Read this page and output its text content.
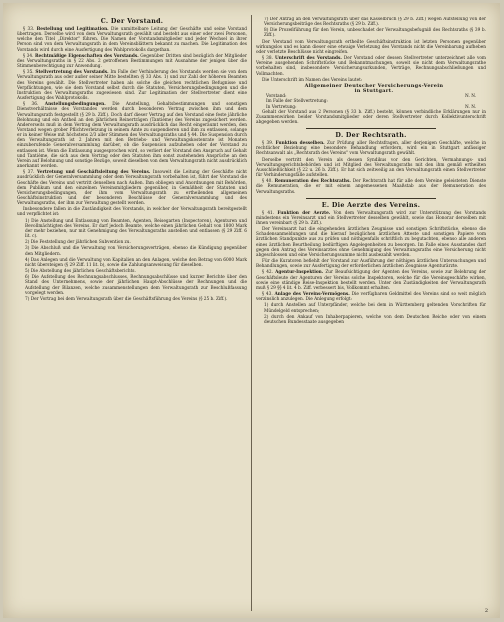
C. Der Vorstand.

§ 33. Bestellung und Legitimation. Die unmittelbare Leitung der Geschäfte und seine Vorstand übertragen. Derselbe wird von dem Verwaltungsrath gewählt und besteht aus einer oder zwei Personen, welche den Titel „Direktor" führen. Die Namen der Vorstandsmitglieder und jeder Wechsel in ihrer Person sind von dem Verwaltungsrath in dem Vereinsblättern bekannt zu machen. Die Legitimation des Vorstands wird durch eine Ausfertigung des Wahlprotokolls dargethan.

§ 34. Rechtmäßige Eigenschaften des Vorstands. Gegenüber Dritten sind bezüglich der Mitglieder des Verwaltungsraths in § 22 Abs. 2 getroffenen Bestimmungen mit Ausnahme der jenigen über die Stimmenberechtigung zur Anwendung.

§ 35. Stellvertretung des Vorstands. Im Falle der Verhinderung des Vorstands werden sie von dem Verwaltungsrath aus oder außer seiner Mitte bestellten (§ 33 Abs. 1) und zur Zahl der höheren Beamten des Vereins gewählt. Die Stellvertreter haben als solche die gleichen rechtlichen Befugnisse und Verpflichtungen, wie sie dem Vorstand selbst durch die Statuten, Versicherungsbedingungen und die Instruktion des Verwaltungsraths zugewiesen sind. Zur Legitimation der Stellvertreter dient eine Ausfertigung des Wahlprotokolls.

§ 36. Anstellungsbedingungen. Die Anstellung, Gehaltsbestimmungen und sonstigen Dienstverhältnisse des Vorstandes werden durch besonderen Vertrag zwischen ihm und dem Verwaltungsrath festgestellt (§ 29 b. Ziff.). Doch darf dieser Vertrag auf den Verstand eine feste jährliche Belohnung und ein Antheil an den jährlichen Reinerträgen (Tantième) des Vereins zugesichert werden. Andererseits muß in dem Vertrag dem Verwaltungsrath ausdrücklich das Recht eingeräumt werden, den Vorstand wegen grober Pflichtverletzung in seinem Amte zu suspendieren und ihm zu entlassen, solange er in keiner Weise mit höchstens 2/3 aller Stimmen des Verwaltungsraths und § 44. Die Suspension durch den Verwaltungsrath ist 2 Jahren mit den Betriebs- und Verwaltungskostenrate ist Monaten einzuberufende Generalversammlung darüber, ob die Suspension aufzuheben oder der Vorstand zu entlassen ist. Wenn die Entlassung ausgesprochen wird, so verliert der Vorstand den Anspruch auf Gehalt und Tantième, die sich aus dem Vertrag oder den Statuten ihm sonst zustehenden Ansprüche an den Verein auf Belohnung und sonstige Bezüge, soweit dieselben von dem Verwaltungsrath nicht ausdrücklich anerkannt werden.

§ 37. Vertretung und Geschäftsleitung des Vereins. Insoweit die Leitung der Geschäfte nicht ausdrücklich der Generalversammlung oder dem Verwaltungsrath vorbehalten ist, führt der Vorstand die Geschäfte des Vereins und vertritt denselben nach Außen. Ihm obliegen und Anordnungen mit Behörden, dem Publikum und den einzelnen Vereinsmitgliedern gegenüber, in Gemäßheit der Statuten und Versicherungsbedingungen, der ihm vom Verwaltungsrath zu ertheilenden allgemeinen Geschäftsinstruktion und der besonderen Beschlüsse der Generalversammlung und des Verwaltungsraths, der ihm zur Verwaltung gestellt werden.

Insbesondere fallen in die Zuständigkeit des Vorstands, in welcher der Verwaltungsrath bereitgestellt und verpflichtet ist:

1) Die Anstellung und Entlassung von Beamten, Agenten, Reisegarten (Inspectoren), Agenturen und Bevollmächtigten des Vereins. Er darf jedoch Beamte, welche einen jährlichen Gehalt von 1800 Mark der mehr beziehen, nur mit Genehmigung des Verwaltungsraths anstellen und entlassen (§ 29 Ziff. 6 lit. c).

2) Die Feststellung der jährlichen Subvention zu.

3) Die Abschluß und die Verwaltung von Versicherungsverträgen, ebenso die Kündigung gegenüber den Mitgliedern.

4) Das Anlegen und die Verwaltung von Kapitalien an den Anlagen, welche den Betrag von 6000 Mark nicht übersteigen (§ 29 Ziff. 11 lit. b), sowie die Zahlungsanweisung für dieselben.

5) Die Abstellung des jährlichen Geschäftsberichts.

6) Die Aufstellung des Rechnungsabschlusses, Rechnungsabschlüsse und kurzer Berichte über den Stand des Unternehmens, sowie der jährlichen Haupt-Abschlüsse der Rechnungen und die Aufstellung der Bilanzen, welche zusammenstellungen dem Verwaltungsrath zur Beschlußfassung vorgelegt werden.

7) Der Vortrag bei dem Verwaltungsrath über die Geschäftsführung des Vereins (§ 25 b. Ziff.).

7) Der Antrag an den Verwaltungsrath über das Kasselbruch (§ 29 b. Ziff.) wegen Aufstellung von der Versicherungsbeiträge des Rechtsraths (§ 29 b. Ziff.).

8) Die Prozeßführung für den Verein, unbeschadet der Verwaltungsbefugniß des Rechtsraths (§ 39 b. Ziff.).

Der Verstand vom Verwaltungsrath ertheilte Geschäftsinstruktion ist letzten Personen gegenüber wirkungslos und es kann dieser eine etwaige Verletzung des Vorstands nicht die Vereinbarung aufheben oder verletzte Beschlüsse nicht eingreifen.

§ 38. Unterschrift des Vorstands. Der Vorstand oder dessen Stellvertreter unterzeichnet alle vom Vereine ausgehenden Schriftstücke und Bekanntmachungen, soweit sie nicht dem Verwaltungsrathe vorbehalten sind, insbesondere Versicherungsurkunden, Verträge, Rechnungsabschließungen und Vollmachten.

Die Unterschrift im Namen des Vereins lautet:

Allgemeiner Deutscher Versicherungs-Verein

in Stuttgart.

Vorstand:	N. N.
Im Falle der Stellvertretung:
In Vertretung:	N. N.

Gehalt der Vorstand aus 2 Personen (§ 33 b. Ziff.) besteht, können verbindliche Erklärungen nur in Zusammenwirken beider Vorstandsmitglieder oder deren Stellvertreter durch Kollektivunterschrift abgegeben werden.

D. Der Rechtsrath.

§ 39. Funktion desselben. Zur Prüfung aller Rechtsfragen, aller derjenigen Geschäfte, welche in rechtlicher Beziehung eine besondere Behandlung erfordern, wird ein in Stuttgart anfässiger Rechtsanwalt als „Rechtsrath des Vereins" vom Verwaltungsrath gewählt.

Derselbe vertritt den Verein als dessen Syndikus vor den Gerichten, Vermahnungs- und Verwaltungsgerichtsbehörden und ist Mitglied des Verwaltungsraths mit den ihm gemäß ertheilten Ausschließlichkeit (§ 22 u. 26 b. Ziff.). Er hat sich zeitweilig an den Verwaltungsrath einen Stellvertreter für Verhinderungsfälle aufstellen.

§ 40. Remuneration des Rechtsraths. Der Rechtsrath hat für alle dem Vereine geleisteten Dienste die Remuneration, die er mit einem angemessenen Maaßstab aus der Remuneration des Verwaltungsraths.

E. Die Aerzte des Vereins.

§ 41. Funktion der Aerzte. Von dem Verwaltungsrath wird zur Unterstützung des Vorstands mindestens ein Vereinsarzt und ein Stellvertreter desselben gewählt, sowie das Honorar derselben mit ihnen vereinbart (§ 29 b. Ziff.).

Der Vereinsarzt hat die eingehenden ärztlichen Zeugnisse und sonstigen Schriftstücke, ebenso die Schadensanmeldungen und die hierauf bezüglichen ärztlichen Atteste und sonstigen Papiere vom ärztlichen Standpunkte aus zu prüfen und nöthigenfalls schriftlich zu begutachten, ebenso alle anderen eines ärztlichen Beurtheilung bedürftigen Angelegenheiten zu besorgen. Im Falle eines Ausstandes darf gegen den Antrag des Vereinsarztes ohne Genehmigung des Verwaltungsraths eine Versicherung nicht abgeschlossen und eine Versicherungssumme nicht ausbezahlt werden.

Für die Kuratoren befiehlt der Vorstand zur Ausführung der nöthigen ärztlichen Untersuchungen und Behandlungen, sowie zur Ausfertigung der erforderlichen ärztlichen Zeugnisse Agenturärzte.

§ 42. Agentur-Inspektion. Zur Beaufsichtigung der Agenten des Vereins, sowie zur Belehrung der Geschäftsleute der Agenturen der Vereins solche Inspektoren, welche für die Vereinsgeschäfte wirken, sowie eine ständige Reise-Inspektion bestellt werden. Unter den Zuständigkeiten der Verwaltungsrath muß § 29 §§ 4 lit. 4 b. Ziff. verbessert bis, Vollkommt erhalten.

§ 43. Anlage des Vereins-Vermögens. Die verfügbaren Geldmittel des Vereins sind so weit möglich verzinslich anzulegen. Die Anlegung erfolgt:

1) durch Anstellen auf Unterpfänder, welche bei dem in Württemberg geltenden Vorschriften für Mündelgeld entsprechen;

2) durch den Ankauf von Inhaberpapieren, welche von dem Deutschen Reiche oder von einem deutschen Bundesstaate ausgegeben

2
